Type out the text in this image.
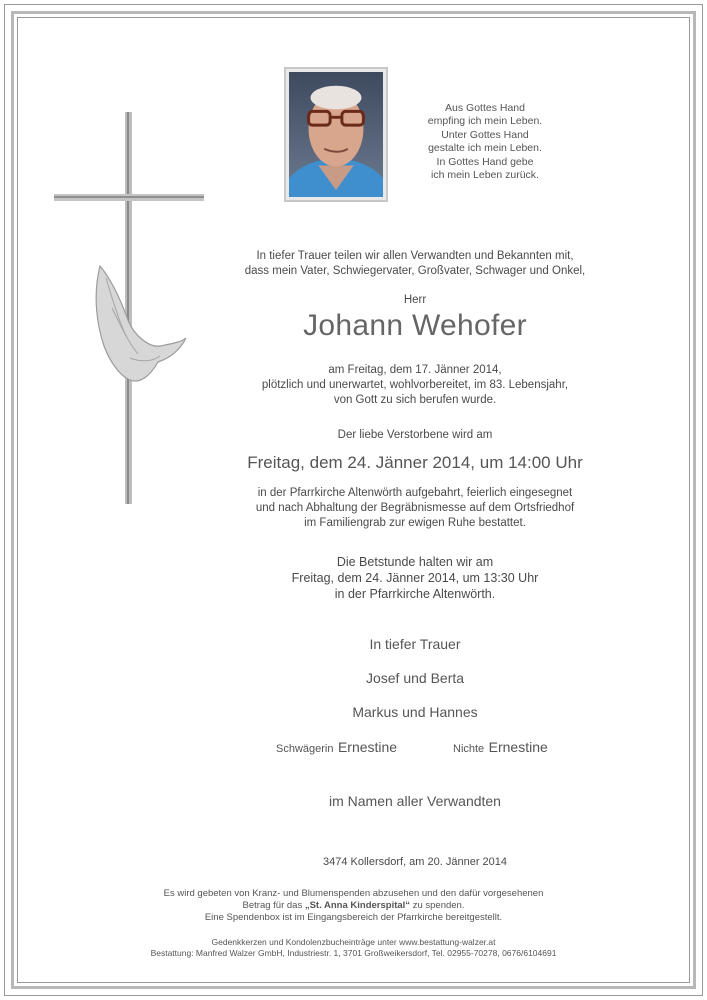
Aus Gottes Hand
empfing ich mein Leben.
Unter Gottes Hand
gestalte ich mein Leben.
In Gottes Hand gebe
ich mein Leben zurück.
In tiefer Trauer teilen wir allen Verwandten und Bekannten mit,
dass mein Vater, Schwiegervater, Großvater, Schwager und Onkel,
Herr
Johann Wehofer
am Freitag, dem 17. Jänner 2014,
plötzlich und unerwartet, wohlvorbereitet, im 83. Lebensjahr,
von Gott zu sich berufen wurde.
Der liebe Verstorbene wird am
Freitag, dem 24. Jänner 2014, um 14:00 Uhr
in der Pfarrkirche Altenwörth aufgebahrt, feierlich eingesegnet
und nach Abhaltung der Begräbnismesse auf dem Ortsfriedhof
im Familiengrab zur ewigen Ruhe bestattet.
Die Betstunde halten wir am
Freitag, dem 24. Jänner 2014, um 13:30 Uhr
in der Pfarrkirche Altenwörth.
In tiefer Trauer
Josef und Berta
Markus und Hannes
Schwägerin Ernestine	Nichte Ernestine
im Namen aller Verwandten
3474 Kollersdorf, am 20. Jänner 2014
Es wird gebeten von Kranz- und Blumenspenden abzusehen und den dafür vorgesehenen
Betrag für das „St. Anna Kinderspital“ zu spenden.
Eine Spendenbox ist im Eingangsbereich der Pfarrkirche bereitgestellt.
Gedenkkerzen und Kondolenzbucheinträge unter www.bestattung-walzer.at
Bestattung: Manfred Walzer GmbH, Industriestr. 1, 3701 Großweikersdorf, Tel. 02955-70278, 0676/6104691
